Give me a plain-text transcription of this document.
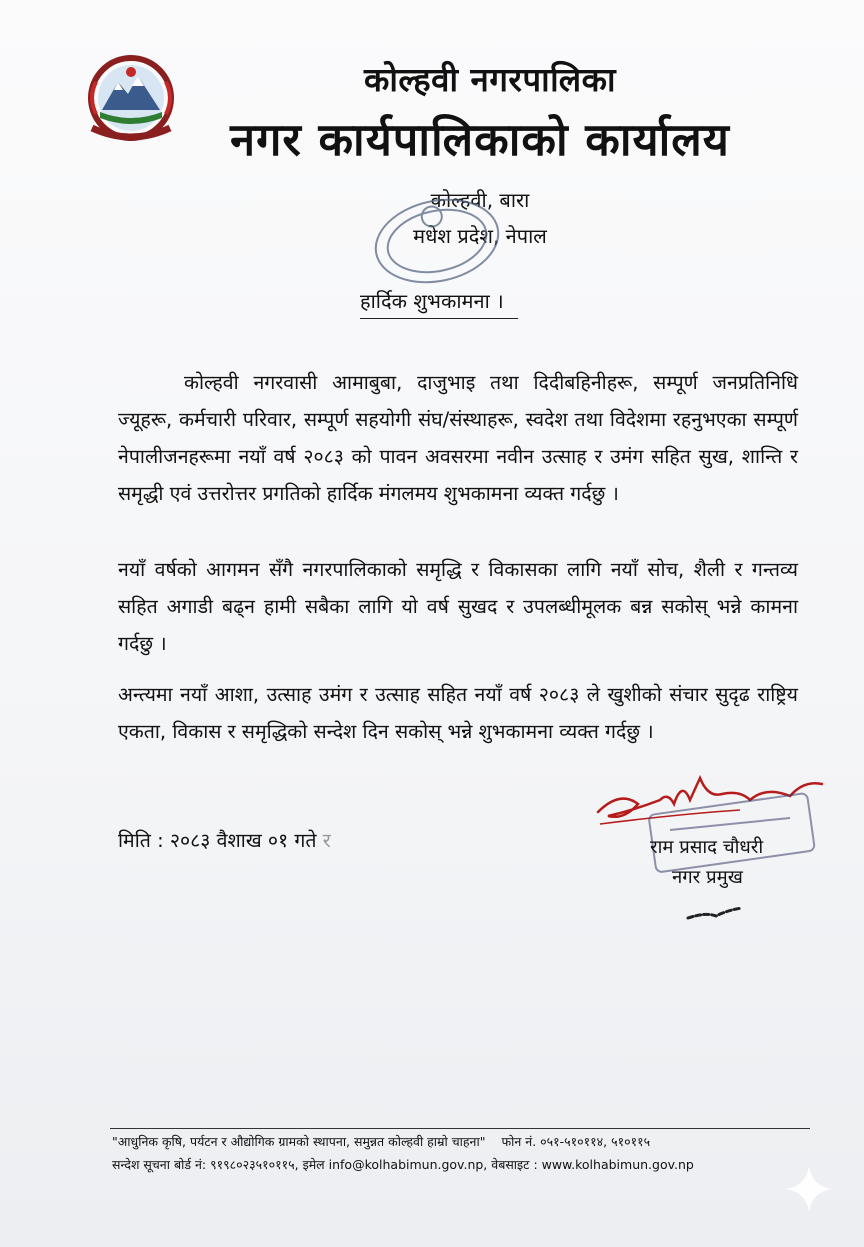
कोल्हवी नगरपालिका
नगर कार्यपालिकाको कार्यालय
कोल्हवी, बारा
मधेश प्रदेश, नेपाल
हार्दिक शुभकामना ।
कोल्हवी नगरवासी आमाबुबा, दाजुभाइ तथा दिदीबहिनीहरू, सम्पूर्ण जनप्रतिनिधि ज्यूहरू, कर्मचारी परिवार, सम्पूर्ण सहयोगी संघ/संस्थाहरू, स्वदेश तथा विदेशमा रहनुभएका सम्पूर्ण नेपालीजनहरूमा नयाँ वर्ष २०८३ को पावन अवसरमा नवीन उत्साह र उमंग सहित सुख, शान्ति र समृद्धी एवं उत्तरोत्तर प्रगतिको हार्दिक मंगलमय शुभकामना व्यक्त गर्दछु ।
नयाँ वर्षको आगमन सँगै नगरपालिकाको समृद्धि र विकासका लागि नयाँ सोच, शैली र गन्तव्य सहित अगाडी बढ्न हामी सबैका लागि यो वर्ष सुखद र उपलब्धीमूलक बन्न सकोस् भन्ने कामना गर्दछु ।
अन्त्यमा नयाँ आशा, उत्साह उमंग र उत्साह सहित नयाँ वर्ष २०८३ ले खुशीको संचार सुदृढ राष्ट्रिय एकता, विकास र समृद्धिको सन्देश दिन सकोस् भन्ने शुभकामना व्यक्त गर्दछु ।
मिति : २०८३ वैशाख ०१ गते र	राम प्रसाद चौधरी
नगर प्रमुख
"आधुनिक कृषि, पर्यटन र औद्योगिक ग्रामको स्थापना, समुन्नत कोल्हवी हाम्रो चाहना" फोन नं. ०५१-५१०११४, ५१०११५
सन्देश सूचना बोर्ड नं: ९१९८०२३५१०११५, इमेल info@kolhabimun.gov.np, वेबसाइट : www.kolhabimun.gov.np
